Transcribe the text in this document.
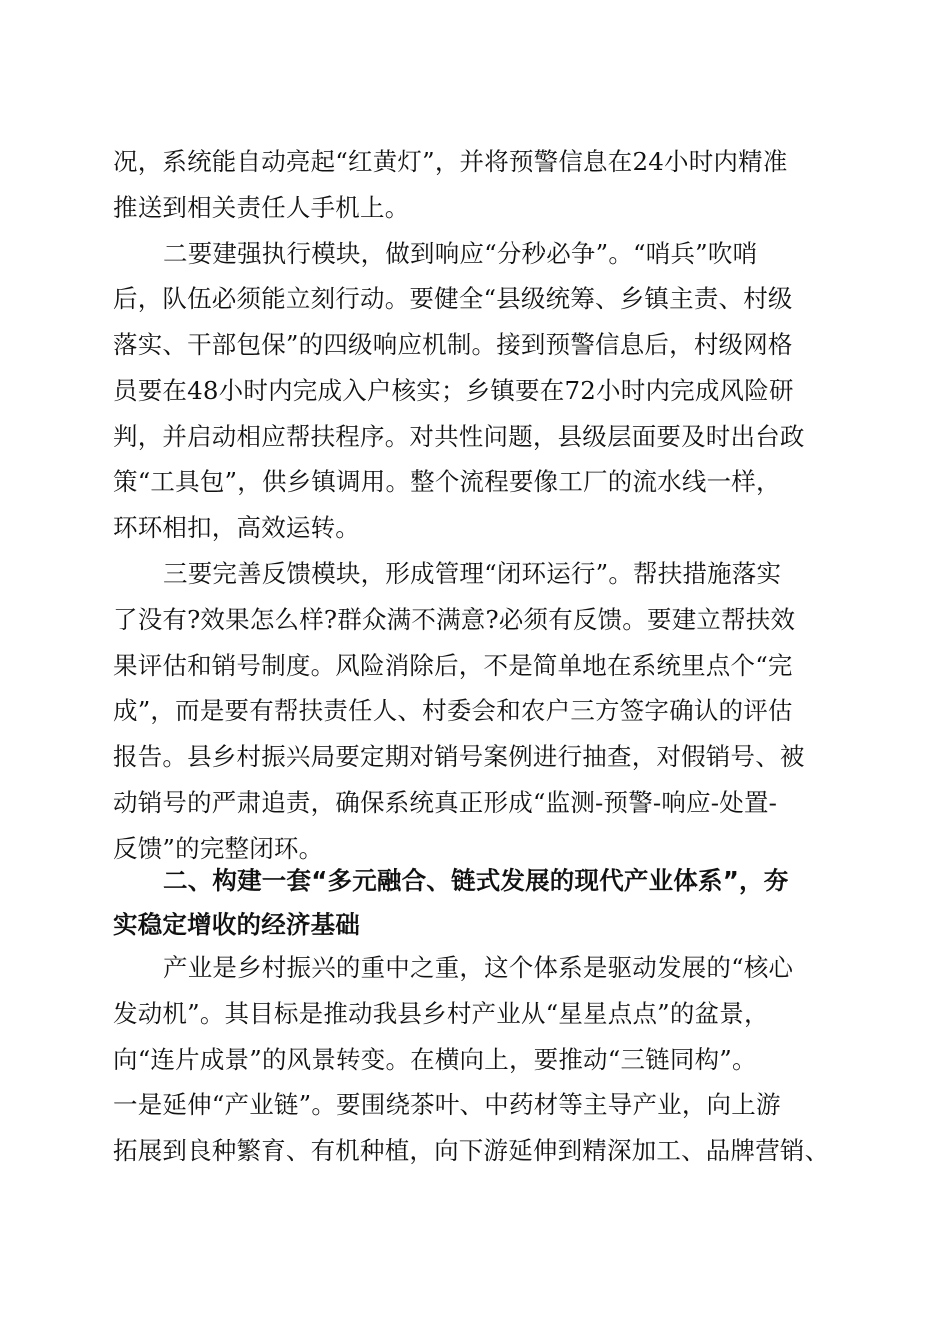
况，系统能自动亮起“红黄灯”，并将预警信息在24小时内精准
推送到相关责任人手机上。
二要建强执行模块，做到响应“分秒必争”。“哨兵”吹哨
后，队伍必须能立刻行动。要健全“县级统筹、乡镇主责、村级
落实、干部包保”的四级响应机制。接到预警信息后，村级网格
员要在48小时内完成入户核实；乡镇要在72小时内完成风险研
判，并启动相应帮扶程序。对共性问题，县级层面要及时出台政
策“工具包”，供乡镇调用。整个流程要像工厂的流水线一样，
环环相扣，高效运转。
三要完善反馈模块，形成管理“闭环运行”。帮扶措施落实
了没有?效果怎么样?群众满不满意?必须有反馈。要建立帮扶效
果评估和销号制度。风险消除后，不是简单地在系统里点个“完
成”，而是要有帮扶责任人、村委会和农户三方签字确认的评估
报告。县乡村振兴局要定期对销号案例进行抽查，对假销号、被
动销号的严肃追责，确保系统真正形成“监测-预警-响应-处置-
反馈”的完整闭环。
二、构建一套“多元融合、链式发展的现代产业体系”，夯
实稳定增收的经济基础
产业是乡村振兴的重中之重，这个体系是驱动发展的“核心
发动机”。其目标是推动我县乡村产业从“星星点点”的盆景，
向“连片成景”的风景转变。在横向上，要推动“三链同构”。
一是延伸“产业链”。要围绕茶叶、中药材等主导产业，向上游
拓展到良种繁育、有机种植，向下游延伸到精深加工、品牌营销、
